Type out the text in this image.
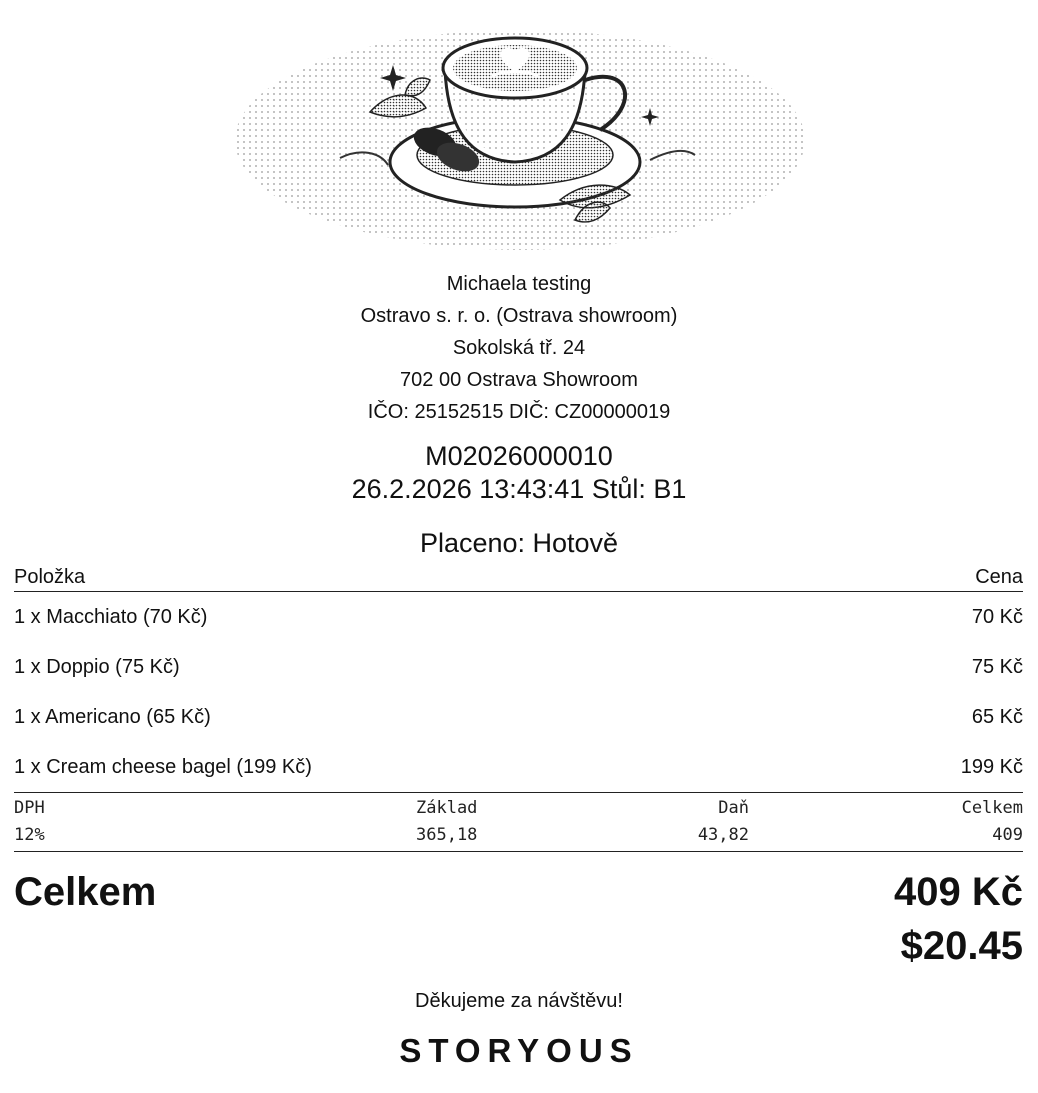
Michaela testing
Ostravo s. r. o. (Ostrava showroom)
Sokolská tř. 24
702 00 Ostrava Showroom
IČO: 25152515 DIČ: CZ00000019
M02026000010
26.2.2026 13:43:41 Stůl: B1
Placeno: Hotově
Položka	Cena
1 x Macchiato (70 Kč)	70 Kč
1 x Doppio (75 Kč)	75 Kč
1 x Americano (65 Kč)	65 Kč
1 x Cream cheese bagel (199 Kč)	199 Kč
DPH	Základ	Daň	Celkem
12%	365,18	43,82	409
Celkem	409 Kč
$20.45
Děkujeme za návštěvu!
STORYOUS
